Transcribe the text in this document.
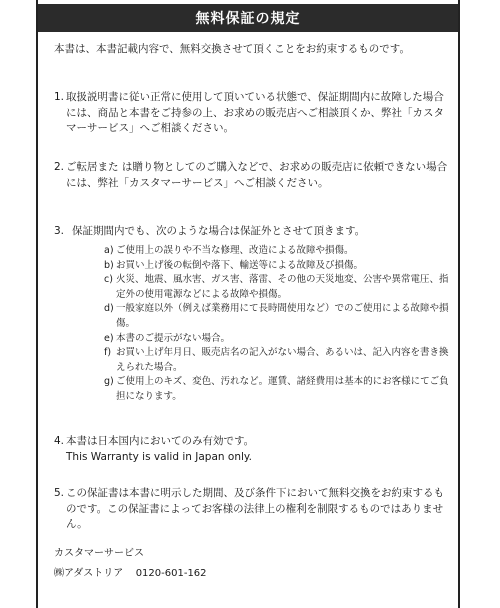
無料保証の規定

本書は、本書記載内容で、無料交換させて頂くことをお約束するものです。

1. 取扱説明書に従い正常に使用して頂いている状態で、保証期間内に故障した場合には、商品と本書をご持参の上、お求めの販売店へご相談頂くか、弊社「カスタマーサービス」へご相談ください。
2. ご転居また は贈り物としてのご購入などで、お求めの販売店に依頼できない場合には、弊社「カスタマーサービス」へご相談ください。
3. 保証期間内でも、次のような場合は保証外とさせて頂きます。
a) ご使用上の誤りや不当な修理、改造による故障や損傷。
b) お買い上げ後の転倒や落下、輸送等による故障及び損傷。
c) 火災、地震、風水害、ガス害、落雷、その他の天災地変、公害や異常電圧、指定外の使用電源などによる故障や損傷。
d) 一般家庭以外（例えば業務用にて長時間使用など）でのご使用による故障や損傷。
e) 本書のご提示がない場合。
f) お買い上げ年月日、販売店名の記入がない場合、あるいは、記入内容を書き換えられた場合。
g) ご使用上のキズ、変色、汚れなど。運賃、諸経費用は基本的にお客様にてご負担になります。
4. 本書は日本国内においてのみ有効です。
This Warranty is valid in Japan only.
5. この保証書は本書に明示した期間、及び条件下において無料交換をお約束するものです。この保証書によってお客様の法律上の権利を制限するものではありません。
カスタマーサービス
㈱アダストリア 0120-601-162
